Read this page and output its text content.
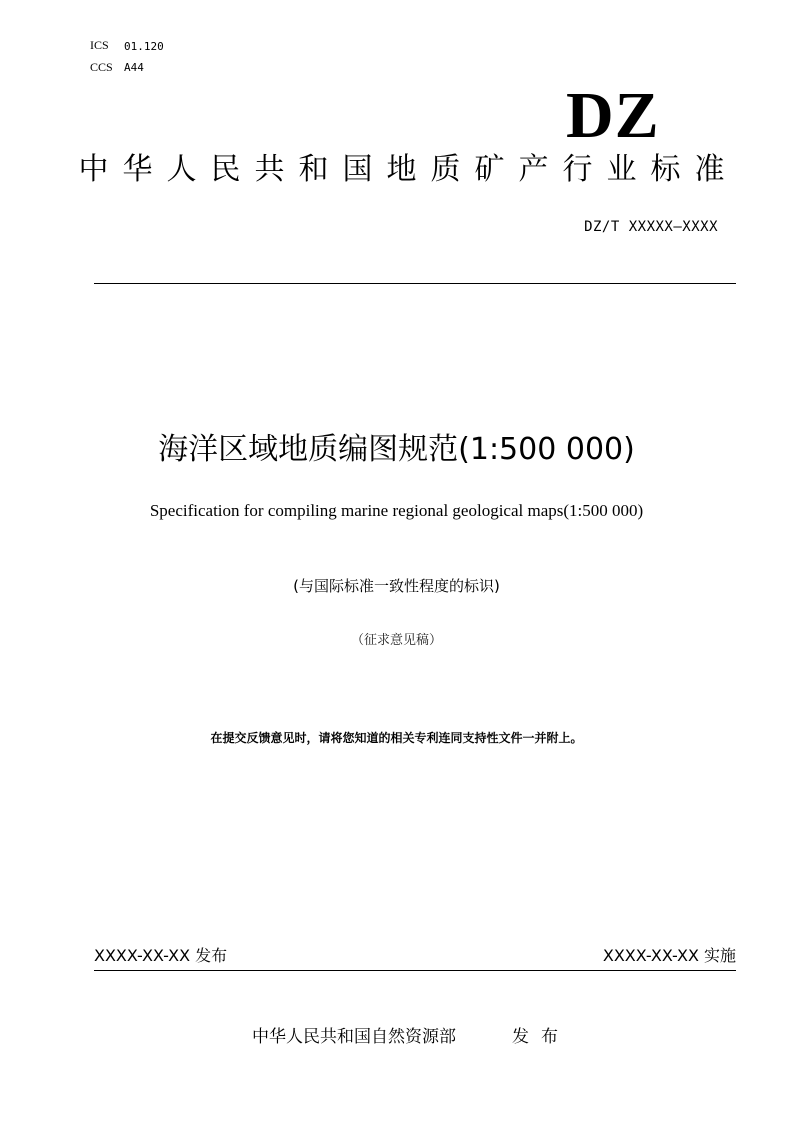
ICS 01.120
CCS A44
DZ
中华人民共和国地质矿产行业标准
DZ/T XXXXX—XXXX
海洋区域地质编图规范(1:500 000)
Specification for compiling marine regional geological maps(1:500 000)
(与国际标准一致性程度的标识)
（征求意见稿）
在提交反馈意见时，请将您知道的相关专利连同支持性文件一并附上。
XXXX-XX-XX 发布	XXXX-XX-XX 实施
中华人民共和国自然资源部	发布
